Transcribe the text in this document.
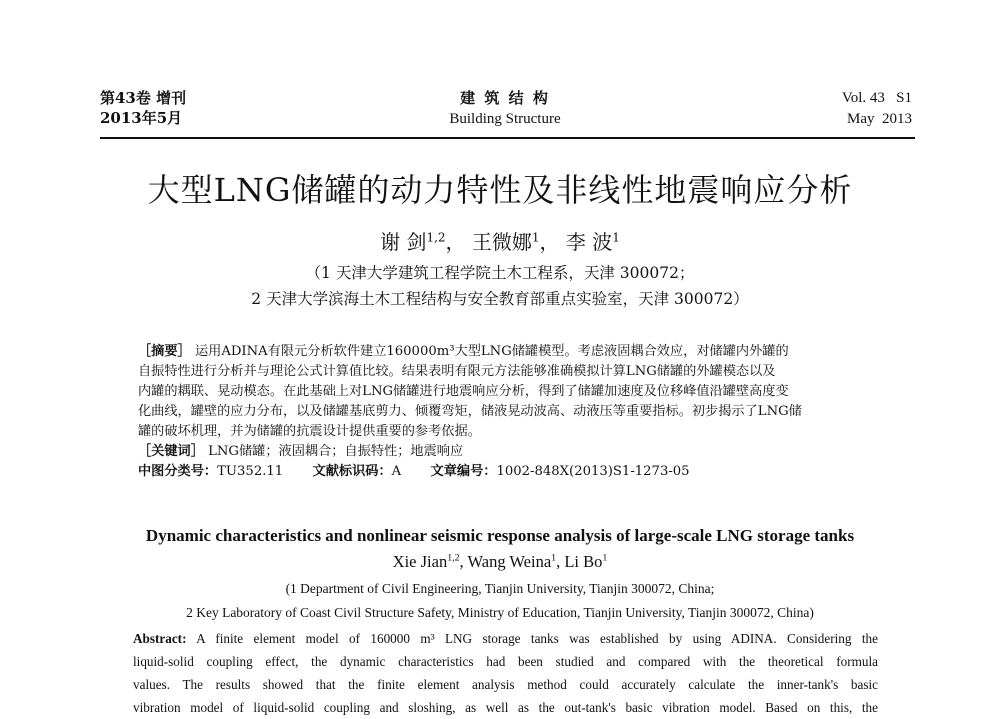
第43卷 增刊
2013年5月
建 筑 结 构
Building Structure
Vol. 43   S1
May  2013
大型LNG储罐的动力特性及非线性地震响应分析
谢 剑$^{1,2}$， 王微娜$^1$， 李 波$^1$
（1 天津大学建筑工程学院土木工程系，天津 300072；
2 天津大学滨海土木工程结构与安全教育部重点实验室，天津 300072）
［摘要］ 运用ADINA有限元分析软件建立160000m³大型LNG储罐模型。考虑液固耦合效应，对储罐内外罐的
自振特性进行分析并与理论公式计算值比较。结果表明有限元方法能够准确模拟计算LNG储罐的外罐模态以及
内罐的耦联、晃动模态。在此基础上对LNG储罐进行地震响应分析，得到了储罐加速度及位移峰值沿罐壁高度变
化曲线，罐壁的应力分布，以及储罐基底剪力、倾覆弯矩，储液晃动波高、动液压等重要指标。初步揭示了LNG储
罐的破坏机理，并为储罐的抗震设计提供重要的参考依据。
［关键词］ LNG储罐；液固耦合；自振特性；地震响应
中图分类号：TU352.11 文献标识码：A 文章编号：1002-848X(2013)S1-1273-05
Dynamic characteristics and nonlinear seismic response analysis of large-scale LNG storage tanks
Xie Jian$^{1,2}$, Wang Weina$^1$, Li Bo$^1$
(1 Department of Civil Engineering, Tianjin University, Tianjin 300072, China;
2 Key Laboratory of Coast Civil Structure Safety, Ministry of Education, Tianjin University, Tianjin 300072, China)
Abstract: A finite element model of 160000 m³ LNG storage tanks was established by using ADINA. Considering the
liquid-solid coupling effect, the dynamic characteristics had been studied and compared with the theoretical formula
values. The results showed that the finite element analysis method could accurately calculate the inner-tank's basic
vibration model of liquid-solid coupling and sloshing, as well as the out-tank's basic vibration model. Based on this, the
